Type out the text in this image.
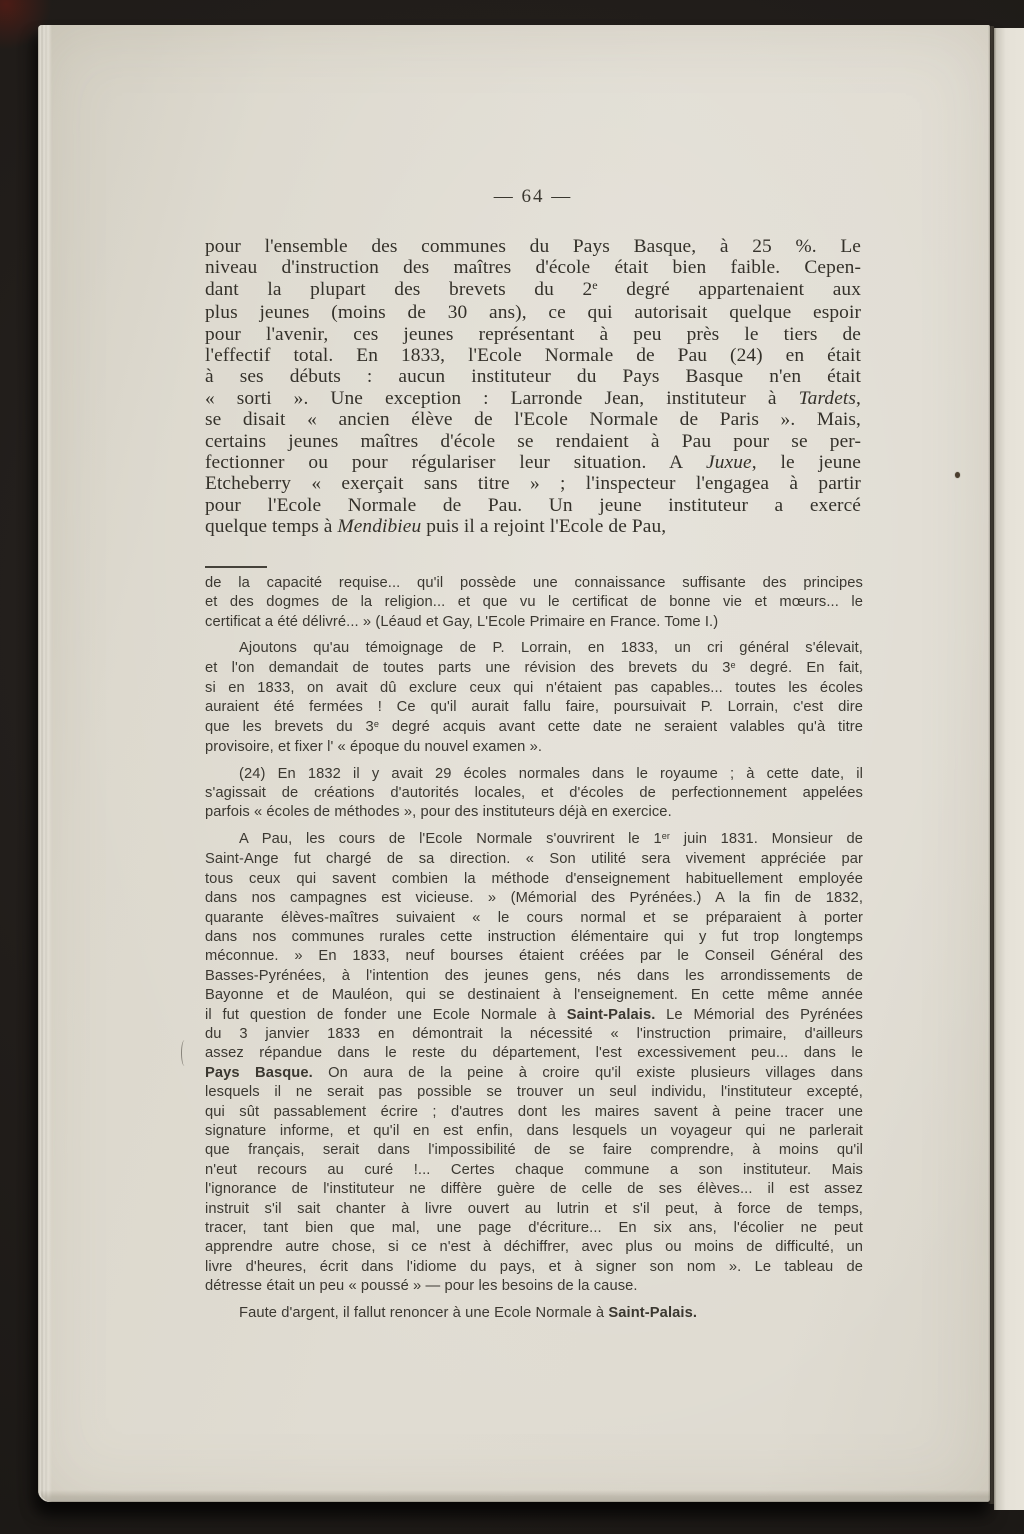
— 64 —
pour l'ensemble des communes du Pays Basque, à 25 %. Le
niveau d'instruction des maîtres d'école était bien faible. Cepen-
dant la plupart des brevets du 2e degré appartenaient aux
plus jeunes (moins de 30 ans), ce qui autorisait quelque espoir
pour l'avenir, ces jeunes représentant à peu près le tiers de
l'effectif total. En 1833, l'Ecole Normale de Pau (24) en était
à ses débuts : aucun instituteur du Pays Basque n'en était
« sorti ». Une exception : Larronde Jean, instituteur à Tardets,
se disait « ancien élève de l'Ecole Normale de Paris ». Mais,
certains jeunes maîtres d'école se rendaient à Pau pour se per-
fectionner ou pour régulariser leur situation. A Juxue, le jeune
Etcheberry « exerçait sans titre » ; l'inspecteur l'engagea à partir
pour l'Ecole Normale de Pau. Un jeune instituteur a exercé
quelque temps à Mendibieu puis il a rejoint l'Ecole de Pau,
de la capacité requise... qu'il possède une connaissance suffisante des principes
et des dogmes de la religion... et que vu le certificat de bonne vie et mœurs... le
certificat a été délivré... » (Léaud et Gay, L'Ecole Primaire en France. Tome I.)
Ajoutons qu'au témoignage de P. Lorrain, en 1833, un cri général s'élevait,
et l'on demandait de toutes parts une révision des brevets du 3e degré. En fait,
si en 1833, on avait dû exclure ceux qui n'étaient pas capables... toutes les écoles
auraient été fermées ! Ce qu'il aurait fallu faire, poursuivait P. Lorrain, c'est dire
que les brevets du 3e degré acquis avant cette date ne seraient valables qu'à titre
provisoire, et fixer l' « époque du nouvel examen ».
(24) En 1832 il y avait 29 écoles normales dans le royaume ; à cette date, il
s'agissait de créations d'autorités locales, et d'écoles de perfectionnement appelées
parfois « écoles de méthodes », pour des instituteurs déjà en exercice.
A Pau, les cours de l'Ecole Normale s'ouvrirent le 1er juin 1831. Monsieur de
Saint-Ange fut chargé de sa direction. « Son utilité sera vivement appréciée par
tous ceux qui savent combien la méthode d'enseignement habituellement employée
dans nos campagnes est vicieuse. » (Mémorial des Pyrénées.) A la fin de 1832,
quarante élèves-maîtres suivaient « le cours normal et se préparaient à porter
dans nos communes rurales cette instruction élémentaire qui y fut trop longtemps
méconnue. » En 1833, neuf bourses étaient créées par le Conseil Général des
Basses-Pyrénées, à l'intention des jeunes gens, nés dans les arrondissements de
Bayonne et de Mauléon, qui se destinaient à l'enseignement. En cette même année
il fut question de fonder une Ecole Normale à Saint-Palais. Le Mémorial des Pyrénées
du 3 janvier 1833 en démontrait la nécessité « l'instruction primaire, d'ailleurs
assez répandue dans le reste du département, l'est excessivement peu... dans le
Pays Basque. On aura de la peine à croire qu'il existe plusieurs villages dans
lesquels il ne serait pas possible se trouver un seul individu, l'instituteur excepté,
qui sût passablement écrire ; d'autres dont les maires savent à peine tracer une
signature informe, et qu'il en est enfin, dans lesquels un voyageur qui ne parlerait
que français, serait dans l'impossibilité de se faire comprendre, à moins qu'il
n'eut recours au curé !... Certes chaque commune a son instituteur. Mais
l'ignorance de l'instituteur ne diffère guère de celle de ses élèves... il est assez
instruit s'il sait chanter à livre ouvert au lutrin et s'il peut, à force de temps,
tracer, tant bien que mal, une page d'écriture... En six ans, l'écolier ne peut
apprendre autre chose, si ce n'est à déchiffrer, avec plus ou moins de difficulté, un
livre d'heures, écrit dans l'idiome du pays, et à signer son nom ». Le tableau de
détresse était un peu « poussé » — pour les besoins de la cause.
Faute d'argent, il fallut renoncer à une Ecole Normale à Saint-Palais.
